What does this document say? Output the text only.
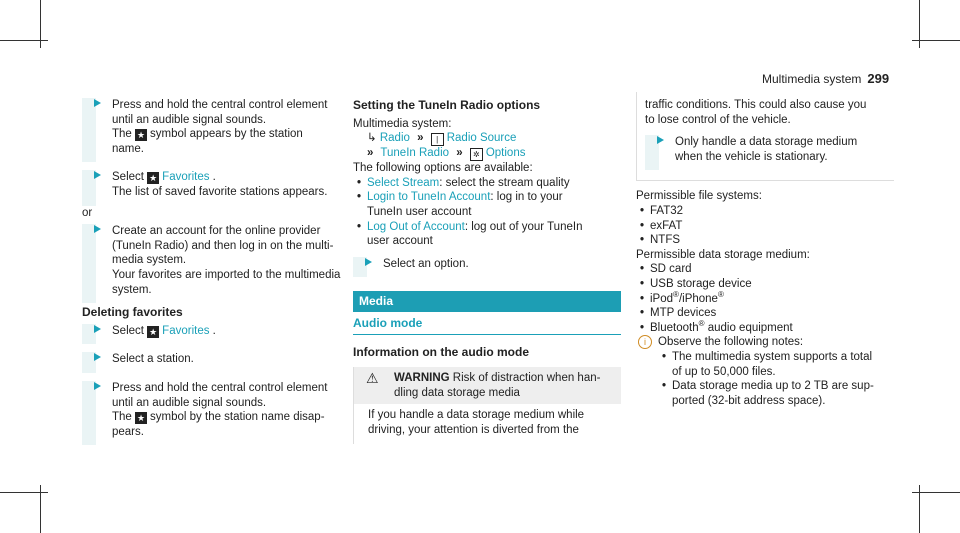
Multimedia system 299
Press and hold the central control element
until an audible signal sounds.
The ★ symbol appears by the station
name.
Select ★ Favorites .
The list of saved favorite stations appears.
or
Create an account for the online provider
(TuneIn Radio) and then log in on the multi-
media system.
Your favorites are imported to the multimedia
system.
Deleting favorites
Select ★ Favorites .
Select a station.
Press and hold the central control element
until an audible signal sounds.
The ★ symbol by the station name disap-
pears.
Setting the TuneIn Radio options
Multimedia system:
↳ Radio » | Radio Source
» TuneIn Radio » ✲ Options
The following options are available:
• Select Stream: select the stream quality
• Login to TuneIn Account: log in to your
TuneIn user account
• Log Out of Account: log out of your TuneIn
user account
Select an option.
Media
Audio mode
Information on the audio mode
⚠ WARNING Risk of distraction when han-
dling data storage media
If you handle a data storage medium while
driving, your attention is diverted from the
traffic conditions. This could also cause you
to lose control of the vehicle.
Only handle a data storage medium
when the vehicle is stationary.
Permissible file systems:
• FAT32
• exFAT
• NTFS
Permissible data storage medium:
• SD card
• USB storage device
• iPod®/iPhone®
• MTP devices
• Bluetooth® audio equipment
i	Observe the following notes:
• The multimedia system supports a total
of up to 50,000 files.
• Data storage media up to 2 TB are sup-
ported (32-bit address space).
